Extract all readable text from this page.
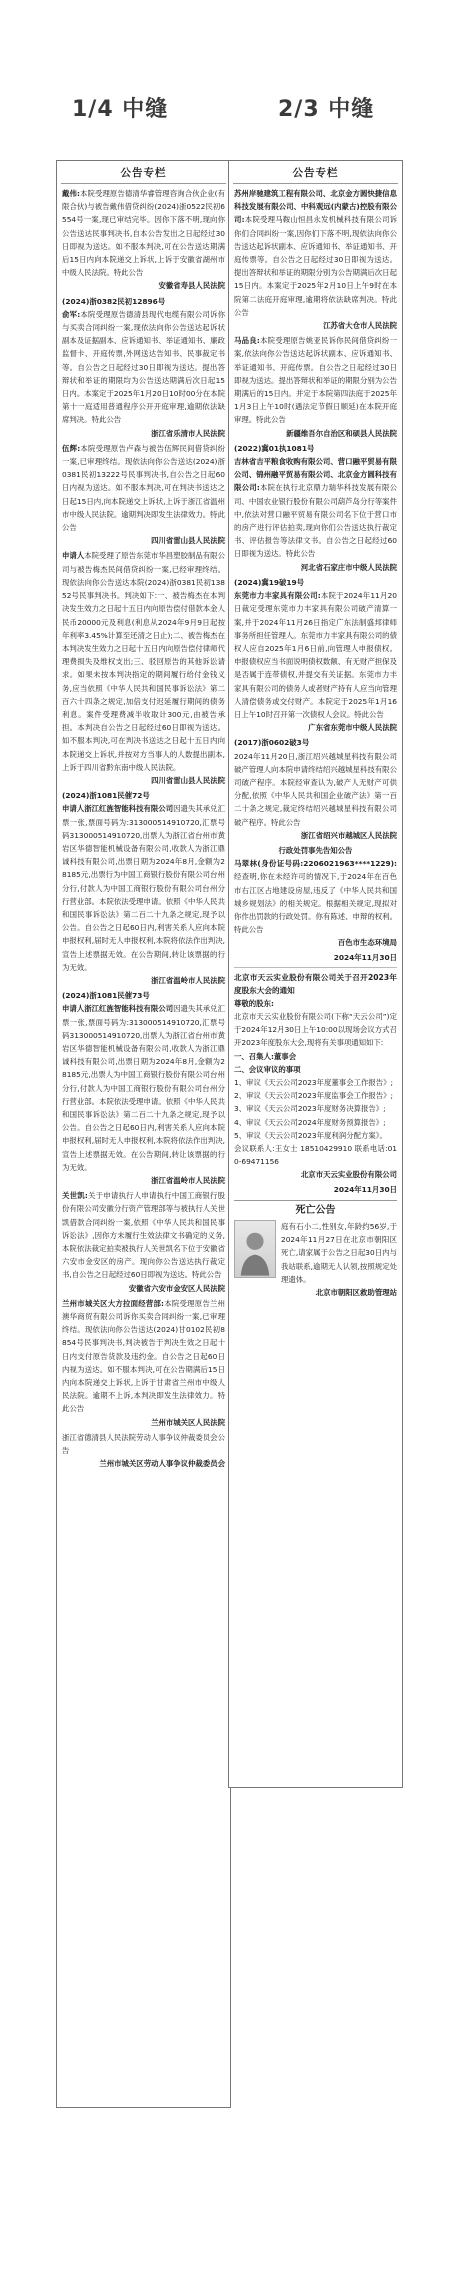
1/4 中缝	2/3 中缝
公告专栏
戴伟:本院受理原告德清华睿管理咨询合伙企业(有限合伙)与被告戴伟借贷纠纷(2024)浙0522民初6554号一案,现已审结完毕。因你下落不明,现向你公告送达民事判决书,自本公告发出之日起经过30日即视为送达。如不服本判决,可在公告送达期满后15日内向本院递交上诉状,上诉于安徽省湖州市中级人民法院。特此公告
安徽省寿县人民法院
(2024)浙0382民初12896号
俞军:本院受理原告德清县现代电缆有限公司诉你与买卖合同纠纷一案,现依法向你公告送达起诉状副本及证据副本、应诉通知书、举证通知书、廉政监督卡、开庭传票,外网送达告知书、民事裁定书等。自公告之日起经过30日即视为送达。提出答辩状和举证的期限均为公告送达期满后次日起15日内。本案定于2025年1月20日10时00分在本院第十一庭适用普通程序公开开庭审理,逾期依法缺席判决。特此公告
浙江省乐清市人民法院
伍辉:本院受理原告卢森与被告伍辉民间借贷纠纷一案,已审理终结。现依法向你公告送达(2024)浙0381民初13222号民事判决书,自公告之日起60日内视为送达。如不服本判决,可在判决书送达之日起15日内,向本院递交上诉状,上诉于浙江省温州市中级人民法院。逾期判决即发生法律效力。特此公告
四川省雷山县人民法院
申请人本院受理了原告东莞市华昌塑胶制品有限公司与被告梅杰民间借贷纠纷一案,已经审理终结。现依法向你公告送达本院(2024)浙0381民初13852号民事判决书。判决如下:一、被告梅杰在本判决发生效力之日起十五日内向原告偿付借款本金人民币20000元及利息(利息从2024年9月9日起按年利率3.45%计算至还清之日止);二、被告梅杰在本判决发生效力之日起十五日内向原告偿付律师代理费损失及维权支出;三、驳回原告的其他诉讼请求。如果未按本判决指定的期间履行给付金钱义务,应当依照《中华人民共和国民事诉讼法》第二百六十四条之规定,加倍支付迟延履行期间的债务利息。案件受理费减半收取计300元,由被告承担。本判决自公告之日起经过60日即视为送达。如不服本判决,可在判决书送达之日起十五日内向本院递交上诉状,并按对方当事人的人数提出副本,上诉于四川省黔东南中级人民法院。
四川省雷山县人民法院
(2024)浙1081民催72号
申请人浙江红旌智能科技有限公司因遗失其承兑汇票一张,票面号码为:313000514910720,汇票号码313000514910720,出票人为浙江省台州市黄岩区华德智能机械设备有限公司,收款人为浙江鼎诚科技有限公司,出票日期为2024年8月,金额为28185元,出票行为中国工商银行股份有限公司台州分行,付款人为中国工商银行股份有限公司台州分行营业部。本院依法受理申请。依照《中华人民共和国民事诉讼法》第二百二十九条之规定,现予以公告。自公告之日起60日内,利害关系人应向本院申报权利,届时无人申报权利,本院将依法作出判决,宣告上述票据无效。在公告期间,转让该票据的行为无效。
浙江省温岭市人民法院
(2024)浙1081民催73号
申请人浙江红旌智能科技有限公司因遗失其承兑汇票一张,票面号码为:313000514910720,汇票号码313000514910720,出票人为浙江省台州市黄岩区华德智能机械设备有限公司,收款人为浙江鼎诚科技有限公司,出票日期为2024年8月,金额为28185元,出票人为中国工商银行股份有限公司台州分行,付款人为中国工商银行股份有限公司台州分行营业部。本院依法受理申请。依照《中华人民共和国民事诉讼法》第二百二十九条之规定,现予以公告。自公告之日起60日内,利害关系人应向本院申报权利,届时无人申报权利,本院将依法作出判决,宣告上述票据无效。在公告期间,转让该票据的行为无效。
浙江省温岭市人民法院
关世凯:关于申请执行人申请执行中国工商银行股份有限公司安徽分行资产管理部等与被执行人关世凯借款合同纠纷一案,依照《中华人民共和国民事诉讼法》,因你方未履行生效法律文书确定的义务,本院依法裁定拍卖被执行人关世凯名下位于安徽省六安市金安区的房产。现向你公告送达执行裁定书,自公告之日起经过60日即视为送达。特此公告
安徽省六安市金安区人民法院
兰州市城关区大方拉面经营部:本院受理原告兰州澳华商贸有限公司诉你买卖合同纠纷一案,已审理终结。现依法向你公告送达(2024)甘0102民初8854号民事判决书,判决被告于判决生效之日起十日内支付原告货款及违约金。自公告之日起60日内视为送达。如不服本判决,可在公告期满后15日内向本院递交上诉状,上诉于甘肃省兰州市中级人民法院。逾期不上诉,本判决即发生法律效力。特此公告
兰州市城关区人民法院
浙江省德清县人民法院劳动人事争议仲裁委员会公告
兰州市城关区劳动人事争议仲裁委员会
公告专栏
苏州岸驰建筑工程有限公司、北京金方圆快捷信息科技发展有限公司、中科观远(内蒙古)控股有限公司:本院受理马鞍山恒昌永发机械科技有限公司诉你们合同纠纷一案,因你们下落不明,现依法向你公告送达起诉状副本、应诉通知书、举证通知书、开庭传票等。自公告之日起经过30日即视为送达。提出答辩状和举证的期限分别为公告期满后次日起15日内。本案定于2025年2月10日上午9时在本院第二法庭开庭审理,逾期将依法缺席判决。特此公告
江苏省大仓市人民法院
马品良:本院受理原告姚亚民诉你民间借贷纠纷一案,依法向你公告送达起诉状副本、应诉通知书、举证通知书、开庭传票。自公告之日起经过30日即视为送达。提出答辩状和举证的期限分别为公告期满后的15日内。并定于本院第四法庭于2025年1月3日上午10时(遇法定节假日顺延)在本院开庭审理。特此公告
新疆维吾尔自治区和硕县人民法院
(2022)冀01执1081号
吉林省吉平粮食收购有限公司、营口融平贸易有限公司、锦州融平贸易有限公司、北京金方圆科技有限公司:本院在执行北京鼎力瑞华科技发展有限公司、中国农业银行股份有限公司葫芦岛分行等案件中,依法对营口融平贸易有限公司名下位于营口市的房产进行评估拍卖,现向你们公告送达执行裁定书、评估报告等法律文书。自公告之日起经过60日即视为送达。特此公告
河北省石家庄市中级人民法院
(2024)冀19破19号
东莞市力丰家具有限公司:本院于2024年11月20日裁定受理东莞市力丰家具有限公司破产清算一案,并于2024年11月26日指定广东法制盛邦律师事务所担任管理人。东莞市力丰家具有限公司的债权人应自2025年1月6日前,向管理人申报债权。申报债权应当书面说明债权数额、有无财产担保及是否属于连带债权,并提交有关证据。东莞市力丰家具有限公司的债务人或者财产持有人应当向管理人清偿债务或交付财产。本院定于2025年1月16日上午10时召开第一次债权人会议。特此公告
广东省东莞市中级人民法院
(2017)浙0602破3号
2024年11月20日,浙江绍兴越城星科技有限公司破产管理人向本院申请终结绍兴越城星科技有限公司破产程序。本院经审查认为,破产人无财产可供分配,依照《中华人民共和国企业破产法》第一百二十条之规定,裁定终结绍兴越城星科技有限公司破产程序。特此公告
浙江省绍兴市越城区人民法院
行政处罚事先告知公告
马翠林(身份证号码:2206021963****1229):经查明,你在未经许可的情况下,于2024年在百色市右江区占地建设房屋,违反了《中华人民共和国城乡规划法》的相关规定。根据相关规定,现拟对你作出罚款的行政处罚。你有陈述、申辩的权利。特此公告
百色市生态环境局
2024年11月30日
北京市天云实业股份有限公司关于召开2023年度股东大会的通知
尊敬的股东:
北京市天云实业股份有限公司(下称“天云公司”)定于2024年12月30日上午10:00以现场会议方式召开2023年度股东大会,现将有关事项通知如下:
一、召集人:董事会
二、会议审议的事项
1、审议《天云公司2023年度董事会工作报告》;
2、审议《天云公司2023年度监事会工作报告》;
3、审议《天云公司2023年度财务决算报告》;
4、审议《天云公司2024年度财务预算报告》;
5、审议《天云公司2023年度利润分配方案》。
会议联系人:王女士 18510429910 联系电话:010-69471156
北京市天云实业股份有限公司
2024年11月30日
死亡公告
庭有石小二,性别女,年龄约56岁,于2024年11月27日在北京市朝阳区死亡,请家属于公告之日起30日内与我站联系,逾期无人认领,按照规定处理遗体。
北京市朝阳区救助管理站
